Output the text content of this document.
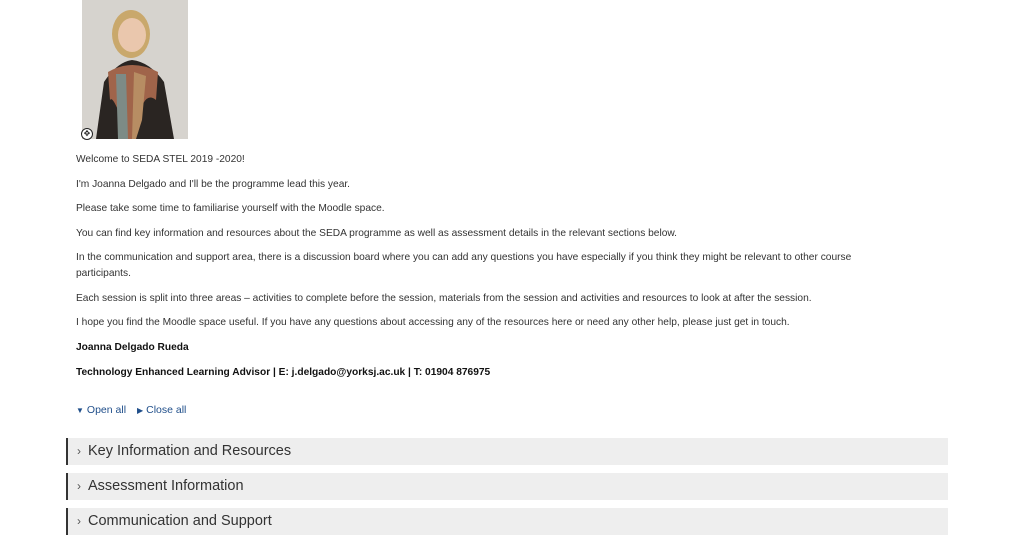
✥

Welcome to SEDA STEL 2019 -2020!

I'm Joanna Delgado and I'll be the programme lead this year.

Please take some time to familiarise yourself with the Moodle space.

You can find key information and resources about the SEDA programme as well as assessment details in the relevant sections below.

In the communication and support area, there is a discussion board where you can add any questions you have especially if you think they might be relevant to other course participants.

Each session is split into three areas – activities to complete before the session, materials from the session and activities and resources to look at after the session.

I hope you find the Moodle space useful. If you have any questions about accessing any of the resources here or need any other help, please just get in touch.

Joanna Delgado Rueda

Technology Enhanced Learning Advisor | E: j.delgado@yorksj.ac.uk | T: 01904 876975

▼ Open all ▶ Close all
› Key Information and Resources
› Assessment Information
› Communication and Support
